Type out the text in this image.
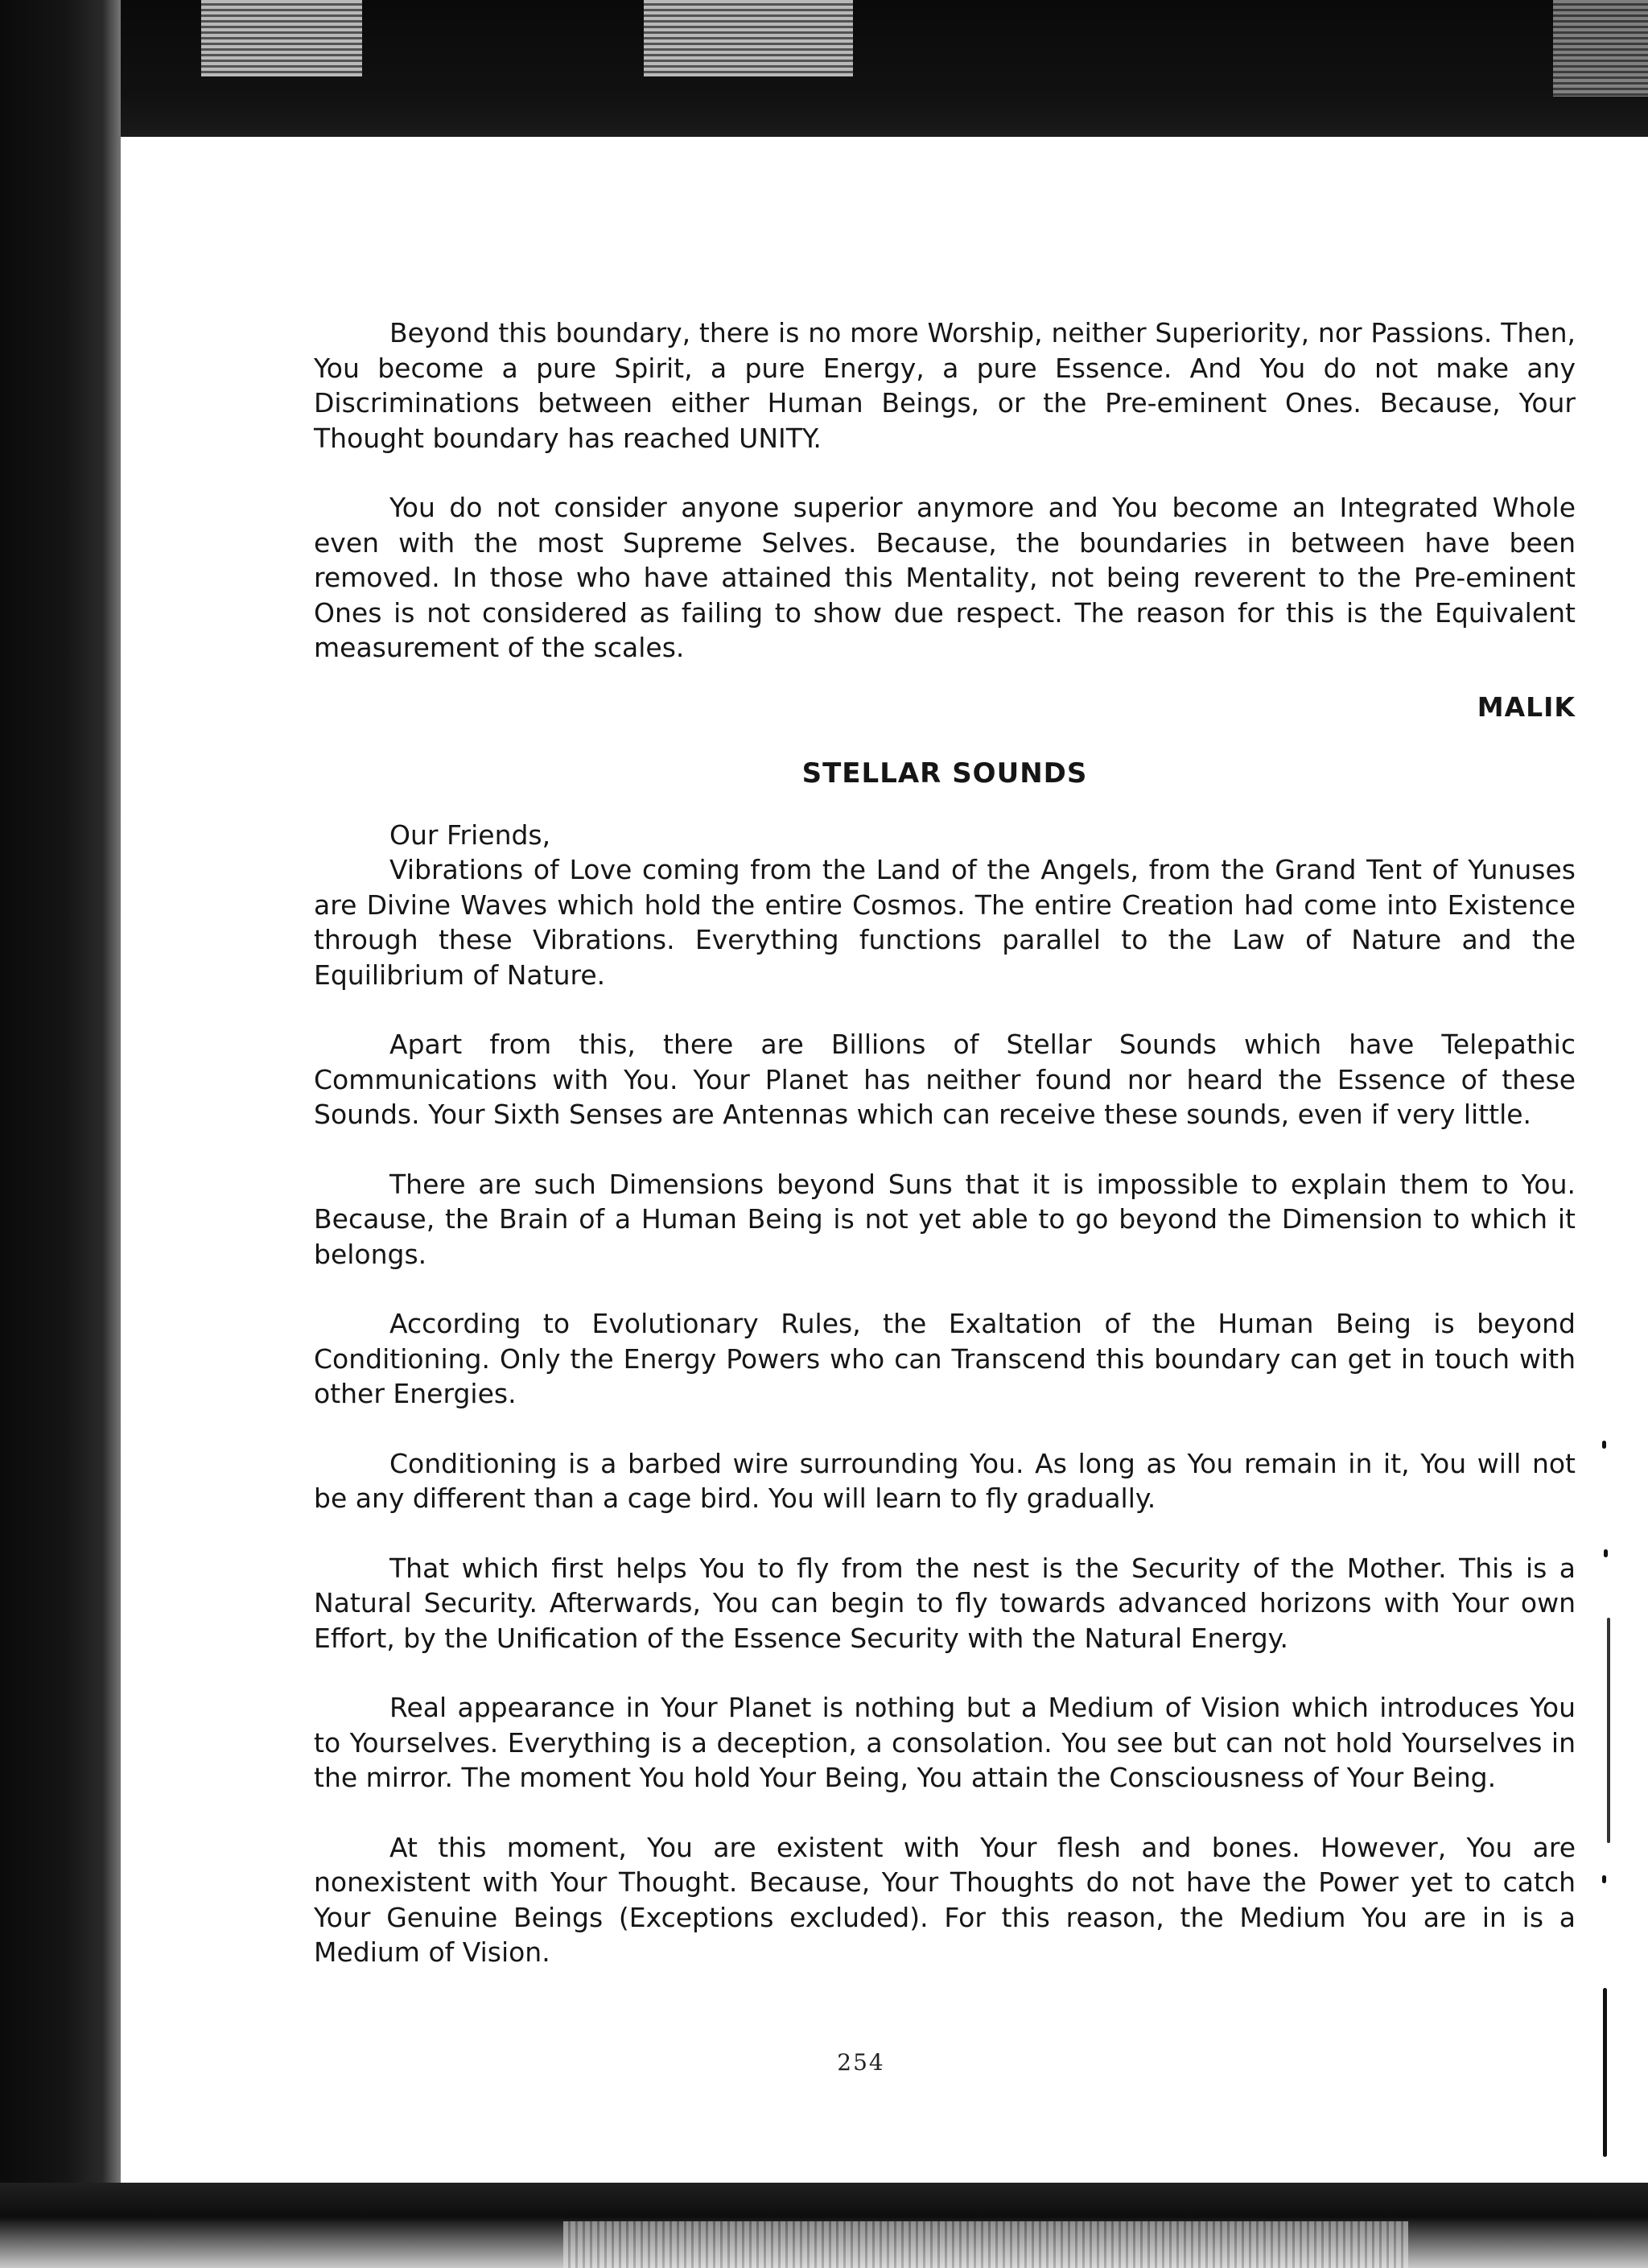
Beyond this boundary, there is no more Worship, neither Superiority, nor Passions. Then, You become a pure Spirit, a pure Energy, a pure Essence. And You do not make any Discriminations between either Human Beings, or the Pre-eminent Ones. Because, Your Thought boundary has reached UNITY.

You do not consider anyone superior anymore and You become an Integrated Whole even with the most Supreme Selves. Because, the boundaries in between have been removed. In those who have attained this Mentality, not being reverent to the Pre-eminent Ones is not considered as failing to show due respect. The reason for this is the Equivalent measurement of the scales.

MALIK
STELLAR SOUNDS

Our Friends,

Vibrations of Love coming from the Land of the Angels, from the Grand Tent of Yunuses are Divine Waves which hold the entire Cosmos. The entire Creation had come into Existence through these Vibrations. Everything functions parallel to the Law of Nature and the Equilibrium of Nature.

Apart from this, there are Billions of Stellar Sounds which have Telepathic Communications with You. Your Planet has neither found nor heard the Essence of these Sounds. Your Sixth Senses are Antennas which can receive these sounds, even if very little.

There are such Dimensions beyond Suns that it is impossible to explain them to You. Because, the Brain of a Human Being is not yet able to go beyond the Dimension to which it belongs.

According to Evolutionary Rules, the Exaltation of the Human Being is beyond Conditioning. Only the Energy Powers who can Transcend this boundary can get in touch with other Energies.

Conditioning is a barbed wire surrounding You. As long as You remain in it, You will not be any different than a cage bird. You will learn to fly gradually.

That which first helps You to fly from the nest is the Security of the Mother. This is a Natural Security. Afterwards, You can begin to fly towards advanced horizons with Your own Effort, by the Unification of the Essence Security with the Natural Energy.

Real appearance in Your Planet is nothing but a Medium of Vision which introduces You to Yourselves. Everything is a deception, a consolation. You see but can not hold Yourselves in the mirror. The moment You hold Your Being, You attain the Consciousness of Your Being.

At this moment, You are existent with Your flesh and bones. However, You are nonexistent with Your Thought. Because, Your Thoughts do not have the Power yet to catch Your Genuine Beings (Exceptions excluded). For this reason, the Medium You are in is a Medium of Vision.

254
